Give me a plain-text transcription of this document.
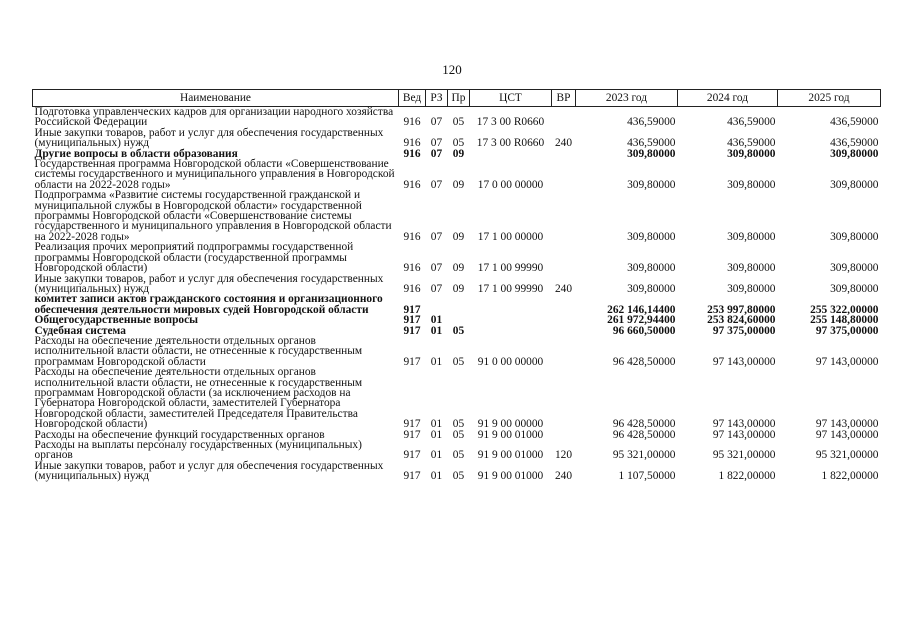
120
Наименование	Вед	РЗ	Пр	ЦСТ	ВР	2023 год	2024 год	2025 год
Подготовка управленческих кадров для организации народного хозяйства Российской Федерации	916	07	05	17 3 00 R0660		436,59000	436,59000	436,59000
Иные закупки товаров, работ и услуг для обеспечения государственных (муниципальных) нужд	916	07	05	17 3 00 R0660	240	436,59000	436,59000	436,59000
Другие вопросы в области образования	916	07	09			309,80000	309,80000	309,80000
Государственная программа Новгородской области «Совершенствование системы государственного и муниципального управления в Новгородской области на 2022-2028 годы»	916	07	09	17 0 00 00000		309,80000	309,80000	309,80000
Подпрограмма «Развитие системы государственной гражданской и муниципальной службы в Новгородской области» государственной программы Новгородской области «Совершенствование системы государственного и муниципального управления в Новгородской области на 2022-2028 годы»	916	07	09	17 1 00 00000		309,80000	309,80000	309,80000
Реализация прочих мероприятий подпрограммы государственной программы Новгородской области (государственной программы Новгородской области)	916	07	09	17 1 00 99990		309,80000	309,80000	309,80000
Иные закупки товаров, работ и услуг для обеспечения государственных (муниципальных) нужд	916	07	09	17 1 00 99990	240	309,80000	309,80000	309,80000
комитет записи актов гражданского состояния и организационного обеспечения деятельности мировых судей Новгородской области	917					262 146,14400	253 997,80000	255 322,00000
Общегосударственные вопросы	917	01				261 972,94400	253 824,60000	255 148,80000
Судебная система	917	01	05			96 660,50000	97 375,00000	97 375,00000
Расходы на обеспечение деятельности отдельных органов исполнительной власти области, не отнесенные к государственным программам Новгородской области	917	01	05	91 0 00 00000		96 428,50000	97 143,00000	97 143,00000
Расходы на обеспечение деятельности отдельных органов исполнительной власти области, не отнесенные к государственным программам Новгородской области (за исключением расходов на Губернатора Новгородской области, заместителей Губернатора Новгородской области, заместителей Председателя Правительства Новгородской области)	917	01	05	91 9 00 00000		96 428,50000	97 143,00000	97 143,00000
Расходы на обеспечение функций государственных органов	917	01	05	91 9 00 01000		96 428,50000	97 143,00000	97 143,00000
Расходы на выплаты персоналу государственных (муниципальных) органов	917	01	05	91 9 00 01000	120	95 321,00000	95 321,00000	95 321,00000
Иные закупки товаров, работ и услуг для обеспечения государственных (муниципальных) нужд	917	01	05	91 9 00 01000	240	1 107,50000	1 822,00000	1 822,00000
